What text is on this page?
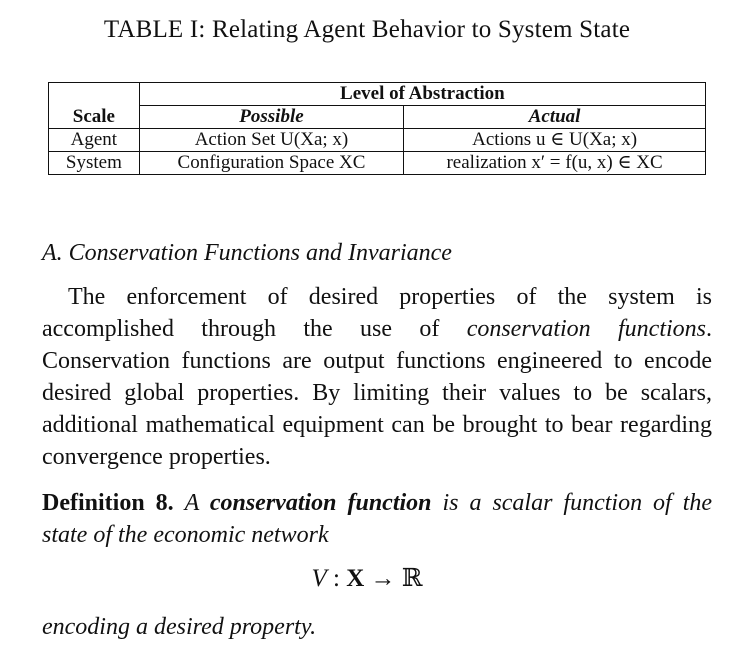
TABLE I: Relating Agent Behavior to System State
	Level of Abstraction	
Scale	Possible	Actual
Agent	Action Set U(Xa; x)	Actions u ∈ U(Xa; x)
System	Configuration Space XC	realization x′ = f(u, x) ∈ XC
A. Conservation Functions and Invariance
The enforcement of desired properties of the system is accomplished through the use of conservation functions. Conservation functions are output functions engineered to encode desired global properties. By limiting their values to be scalars, additional mathematical equipment can be brought to bear regarding convergence properties.
Definition 8. A conservation function is a scalar function of the state of the economic network
V : X → ℝ
encoding a desired property.
